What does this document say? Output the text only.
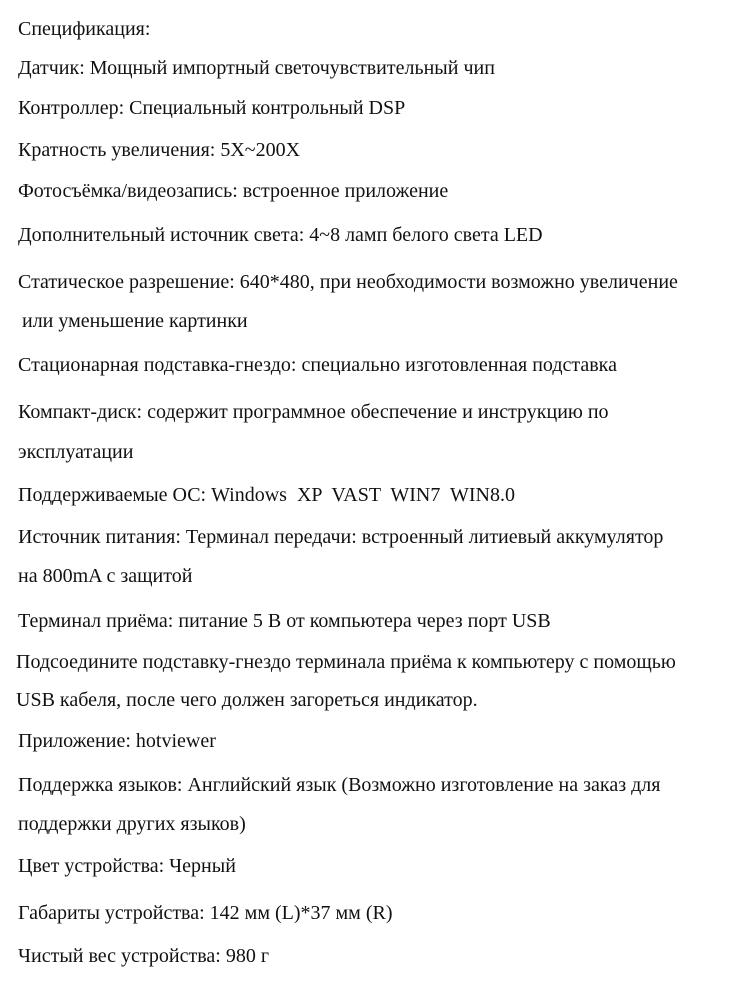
Спецификация:
Датчик: Мощный импортный светочувствительный чип
Контроллер: Специальный контрольный DSP
Кратность увеличения: 5X~200X
Фотосъёмка/видеозапись: встроенное приложение
Дополнительный источник света: 4~8 ламп белого света LED
Статическое разрешение: 640*480, при необходимости возможно увеличение
или уменьшение картинки
Стационарная подставка-гнездо: специально изготовленная подставка
Компакт-диск: содержит программное обеспечение и инструкцию по
эксплуатации
Поддерживаемые ОС: Windows  XP  VAST  WIN7  WIN8.0
Источник питания: Терминал передачи: встроенный литиевый аккумулятор
на 800mA с защитой
Терминал приёма: питание 5 В от компьютера через порт USB
Подсоедините подставку-гнездо терминала приёма к компьютеру с помощью
USB кабеля, после чего должен загореться индикатор.
Приложение: hotviewer
Поддержка языков: Английский язык (Возможно изготовление на заказ для
поддержки других языков)
Цвет устройства: Черный
Габариты устройства: 142 мм (L)*37 мм (R)
Чистый вес устройства: 980 г
